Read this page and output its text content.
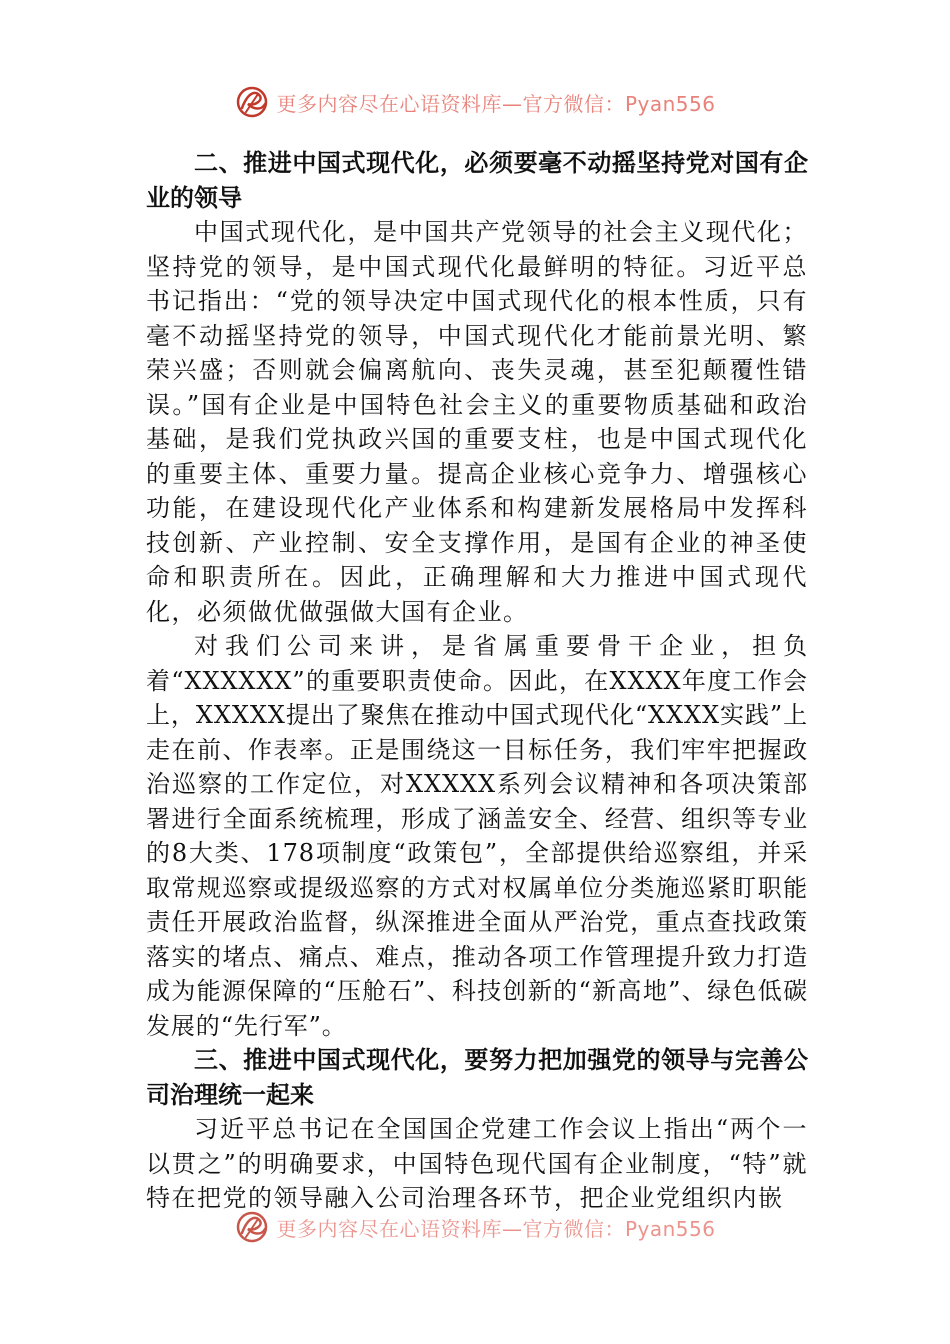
更多内容尽在心语资料库—官方微信：Pyan556

二、推进中国式现代化，必须要毫不动摇坚持党对国有企业的领导

中国式现代化，是中国共产党领导的社会主义现代化；坚持党的领导，是中国式现代化最鲜明的特征。习近平总书记指出：“党的领导决定中国式现代化的根本性质，只有毫不动摇坚持党的领导，中国式现代化才能前景光明、繁荣兴盛；否则就会偏离航向、丧失灵魂，甚至犯颠覆性错误。”国有企业是中国特色社会主义的重要物质基础和政治基础，是我们党执政兴国的重要支柱，也是中国式现代化的重要主体、重要力量。提高企业核心竞争力、增强核心功能，在建设现代化产业体系和构建新发展格局中发挥科技创新、产业控制、安全支撑作用，是国有企业的神圣使命和职责所在。因此，正确理解和大力推进中国式现代化，必须做优做强做大国有企业。

对我们公司来讲，是省属重要骨干企业，担负着“XXXXXX”的重要职责使命。因此，在XXXX年度工作会上，XXXXX提出了聚焦在推动中国式现代化“XXXX实践”上走在前、作表率。正是围绕这一目标任务，我们牢牢把握政治巡察的工作定位，对XXXXX系列会议精神和各项决策部署进行全面系统梳理，形成了涵盖安全、经营、组织等专业的8大类、178项制度“政策包”，全部提供给巡察组，并采取常规巡察或提级巡察的方式对权属单位分类施巡紧盯职能责任开展政治监督，纵深推进全面从严治党，重点查找政策落实的堵点、痛点、难点，推动各项工作管理提升致力打造成为能源保障的“压舱石”、科技创新的“新高地”、绿色低碳发展的“先行军”。

三、推进中国式现代化，要努力把加强党的领导与完善公司治理统一起来

习近平总书记在全国国企党建工作会议上指出“两个一以贯之”的明确要求，中国特色现代国有企业制度，“特”就特在把党的领导融入公司治理各环节，把企业党组织内嵌

更多内容尽在心语资料库—官方微信：Pyan556
